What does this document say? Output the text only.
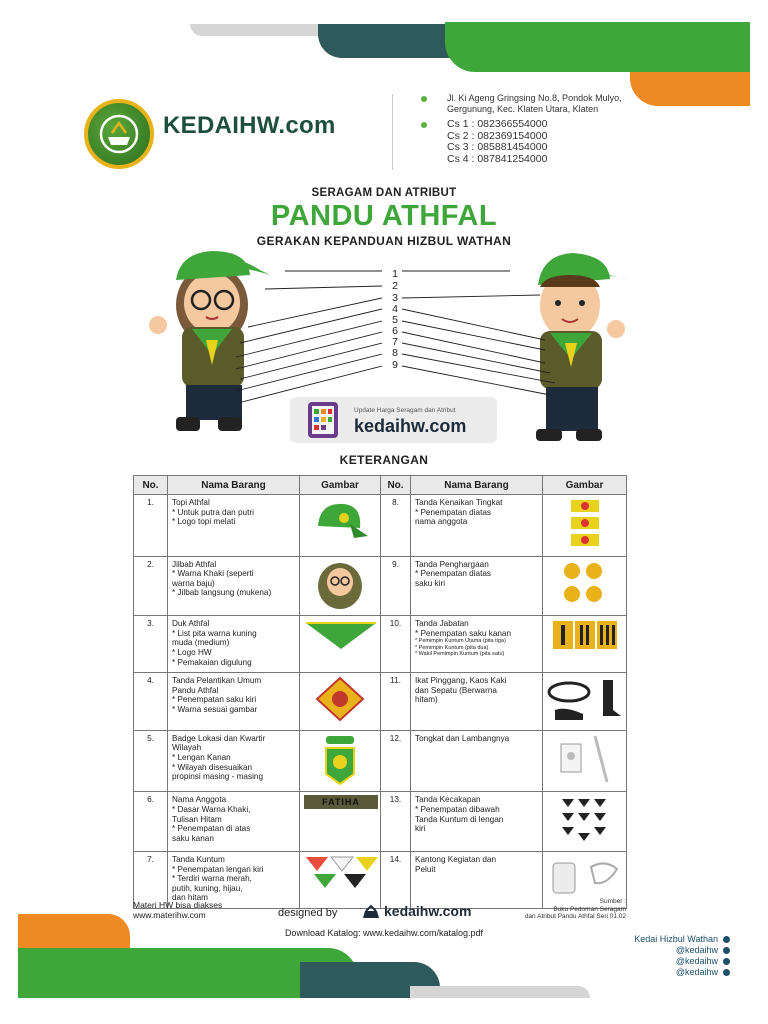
KEDAIHW.com
Jl. Ki Ageng Gringsing No.8, Pondok Mulyo, Gergunung, Kec. Klaten Utara, Klaten
Cs 1 : 082366554000
Cs 2 : 082369154000
Cs 3 : 085881454000
Cs 4 : 087841254000
SERAGAM DAN ATRIBUT
PANDU ATHFAL
GERAKAN KEPANDUAN HIZBUL WATHAN
1
2
3
4
5
6
7
8
9
Update Harga Seragam dan Atribut
kedaihw.com
KETERANGAN
No.	Nama Barang	Gambar	No.	Nama Barang	Gambar
1.	Topi Athfal
* Untuk putra dan putri
* Logo topi melati		8.	Tanda Kenaikan Tingkat
* Penempatan diatas
nama anggota

2.	Jilbab Athfal
* Warna Khaki (seperti
warna baju)
* Jilbab langsung (mukena)		9.	Tanda Penghargaan
* Penempatan diatas
saku kiri

3.	Duk Athfal
* List pita warna kuning
muda (medium)
* Logo HW
* Pemakaian digulung		10.	Tanda Jabatan
* Penempatan saku kanan
* Pemimpin Kuntum Utama (pita tiga)
* Pemimpin Kuntum (pita dua)
* Wakil Pemimpin Kuntum (pita satu)

4.	Tanda Pelantikan Umum
Pandu Athfal
* Penempatan saku kiri
* Warna sesuai gambar		11.	Ikat Pinggang, Kaos Kaki
dan Sepatu (Berwarna
hitam)

5.	Badge Lokasi dan Kwartir
Wilayah
* Lengan Kanan
* Wilayah disesuaikan
propinsi masing - masing		12.	Tongkat dan Lambangnya

6.	Nama Anggota
* Dasar Warna Khaki,
Tulisan Hitam
* Penempatan di atas
saku kanan	FATIHA	13.	Tanda Kecakapan
* Penempatan dibawah
Tanda Kuntum di lengan
kiri

7.	Tanda Kuntum
* Penempatan lengan kiri
* Terdiri warna merah,
putih, kuning, hijau,
dan hitam		14.	Kantong Kegiatan dan
Peluit

Materi HW bisa diakses
www.materihw.com	designed by	kedaihw.com
Sumber :
Buku Pedoman Seragam
dan Atribut Pandu Athfal Seri 01.02
Download Katalog: www.kedaihw.com/katalog.pdf
Kedai Hizbul Wathan
@kedaihw
@kedaihw
@kedaihw
